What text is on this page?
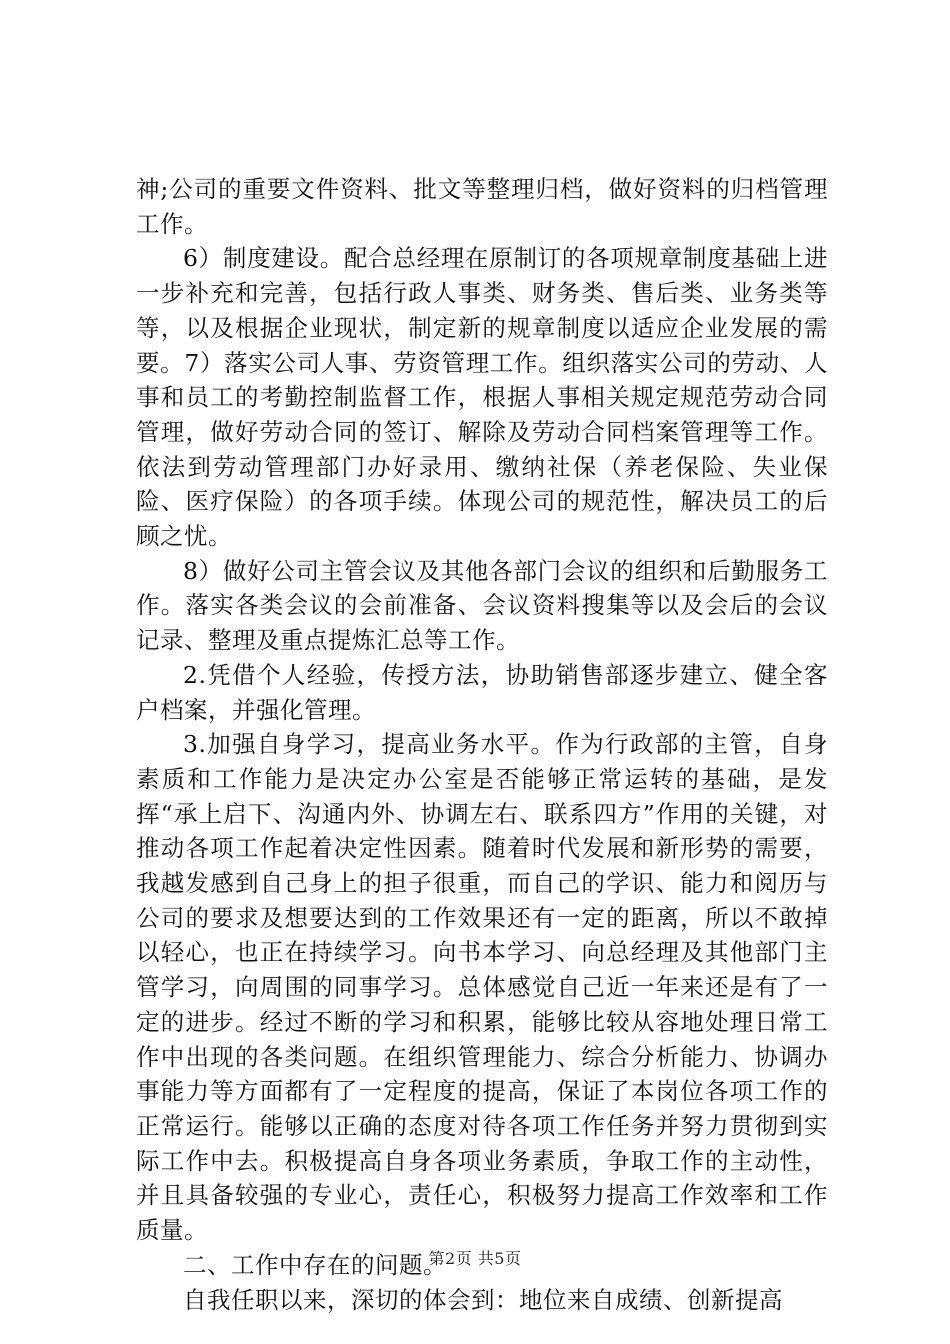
神;公司的重要文件资料、批文等整理归档，做好资料的归档管理工作。

6）制度建设。配合总经理在原制订的各项规章制度基础上进一步补充和完善，包括行政人事类、财务类、售后类、业务类等等，以及根据企业现状，制定新的规章制度以适应企业发展的需要。7）落实公司人事、劳资管理工作。组织落实公司的劳动、人事和员工的考勤控制监督工作，根据人事相关规定规范劳动合同管理，做好劳动合同的签订、解除及劳动合同档案管理等工作。依法到劳动管理部门办好录用、缴纳社保（养老保险、失业保险、医疗保险）的各项手续。体现公司的规范性，解决员工的后顾之忧。

8）做好公司主管会议及其他各部门会议的组织和后勤服务工作。落实各类会议的会前准备、会议资料搜集等以及会后的会议记录、整理及重点提炼汇总等工作。

2.凭借个人经验，传授方法，协助销售部逐步建立、健全客户档案，并强化管理。

3.加强自身学习，提高业务水平。作为行政部的主管，自身素质和工作能力是决定办公室是否能够正常运转的基础，是发挥“承上启下、沟通内外、协调左右、联系四方”作用的关键，对推动各项工作起着决定性因素。随着时代发展和新形势的需要，我越发感到自己身上的担子很重，而自己的学识、能力和阅历与公司的要求及想要达到的工作效果还有一定的距离，所以不敢掉以轻心，也正在持续学习。向书本学习、向总经理及其他部门主管学习，向周围的同事学习。总体感觉自己近一年来还是有了一定的进步。经过不断的学习和积累，能够比较从容地处理日常工作中出现的各类问题。在组织管理能力、综合分析能力、协调办事能力等方面都有了一定程度的提高，保证了本岗位各项工作的正常运行。能够以正确的态度对待各项工作任务并努力贯彻到实际工作中去。积极提高自身各项业务素质，争取工作的主动性，并且具备较强的专业心，责任心，积极努力提高工作效率和工作质量。

二、工作中存在的问题。

自我任职以来，深切的体会到：地位来自成绩、创新提高

第2页 共5页
